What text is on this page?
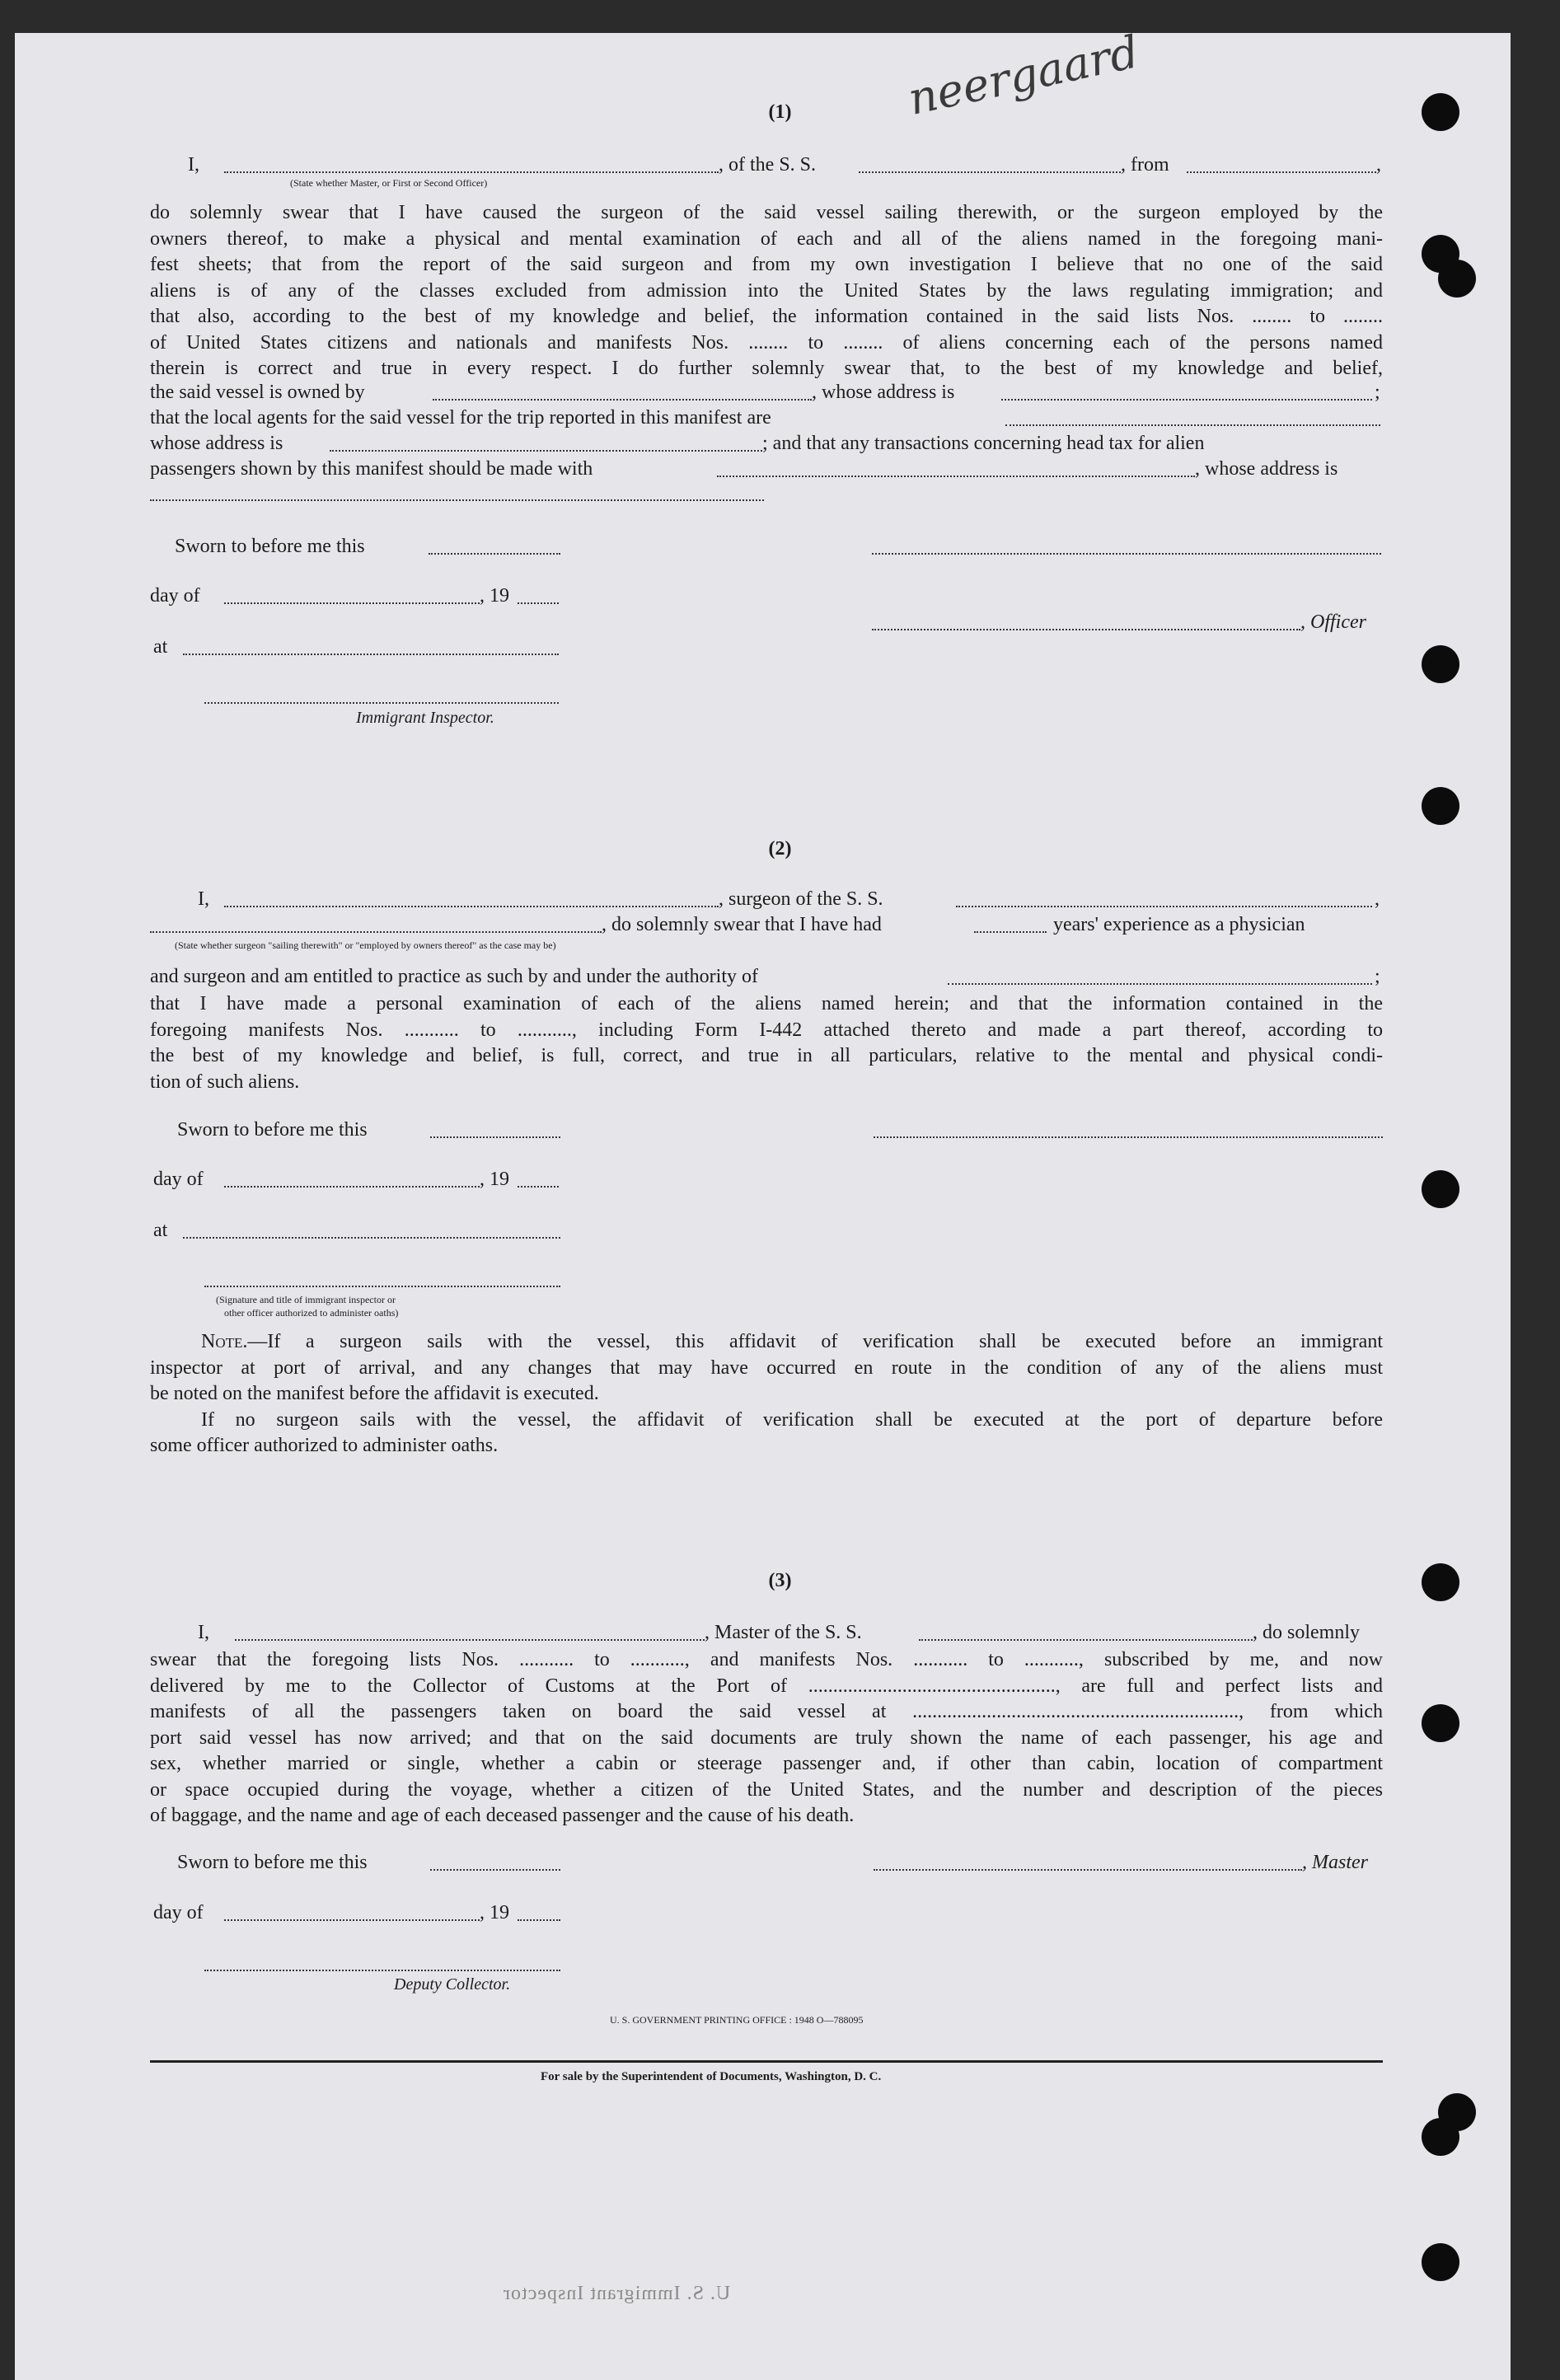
neergaard
(1)
I,	, of the S. S.	, from	,
(State whether Master, or First or Second Officer)
do solemnly swear that I have caused the surgeon of the said vessel sailing therewith, or the surgeon employed by the
owners thereof, to make a physical and mental examination of each and all of the aliens named in the foregoing mani-
fest sheets; that from the report of the said surgeon and from my own investigation I believe that no one of the said
aliens is of any of the classes excluded from admission into the United States by the laws regulating immigration; and
that also, according to the best of my knowledge and belief, the information contained in the said lists Nos. ........ to ........
of United States citizens and nationals and manifests Nos. ........ to ........ of aliens concerning each of the persons named
therein is correct and true in every respect. I do further solemnly swear that, to the best of my knowledge and belief,
the said vessel is owned by	, whose address is	;
that the local agents for the said vessel for the trip reported in this manifest are
whose address is	; and that any transactions concerning head tax for alien
passengers shown by this manifest should be made with	, whose address is
Sworn to before me this
day of	, 19
, Officer
at
Immigrant Inspector.
(2)
I,	, surgeon of the S. S.	,
, do solemnly swear that I have had	years' experience as a physician
(State whether surgeon "sailing therewith" or "employed by owners thereof" as the case may be)
and surgeon and am entitled to practice as such by and under the authority of	;
that I have made a personal examination of each of the aliens named herein; and that the information contained in the
foregoing manifests Nos. ........... to ..........., including Form I-442 attached thereto and made a part thereof, according to
the best of my knowledge and belief, is full, correct, and true in all particulars, relative to the mental and physical condi-
tion of such aliens.
Sworn to before me this
day of	, 19
at
(Signature and title of immigrant inspector or
other officer authorized to administer oaths)
Note.—If a surgeon sails with the vessel, this affidavit of verification shall be executed before an immigrant
inspector at port of arrival, and any changes that may have occurred en route in the condition of any of the aliens must
be noted on the manifest before the affidavit is executed.
If no surgeon sails with the vessel, the affidavit of verification shall be executed at the port of departure before
some officer authorized to administer oaths.
(3)
I,	, Master of the S. S.	, do solemnly
swear that the foregoing lists Nos. ........... to ..........., and manifests Nos. ........... to ..........., subscribed by me, and now
delivered by me to the Collector of Customs at the Port of .................................................., are full and perfect lists and
manifests of all the passengers taken on board the said vessel at .................................................................., from which
port said vessel has now arrived; and that on the said documents are truly shown the name of each passenger, his age and
sex, whether married or single, whether a cabin or steerage passenger and, if other than cabin, location of compartment
or space occupied during the voyage, whether a citizen of the United States, and the number and description of the pieces
of baggage, and the name and age of each deceased passenger and the cause of his death.
Sworn to before me this	, Master
day of	, 19
Deputy Collector.
U. S. GOVERNMENT PRINTING OFFICE : 1948 O—788095
For sale by the Superintendent of Documents, Washington, D. C.
U. S. Immigrant Inspector
